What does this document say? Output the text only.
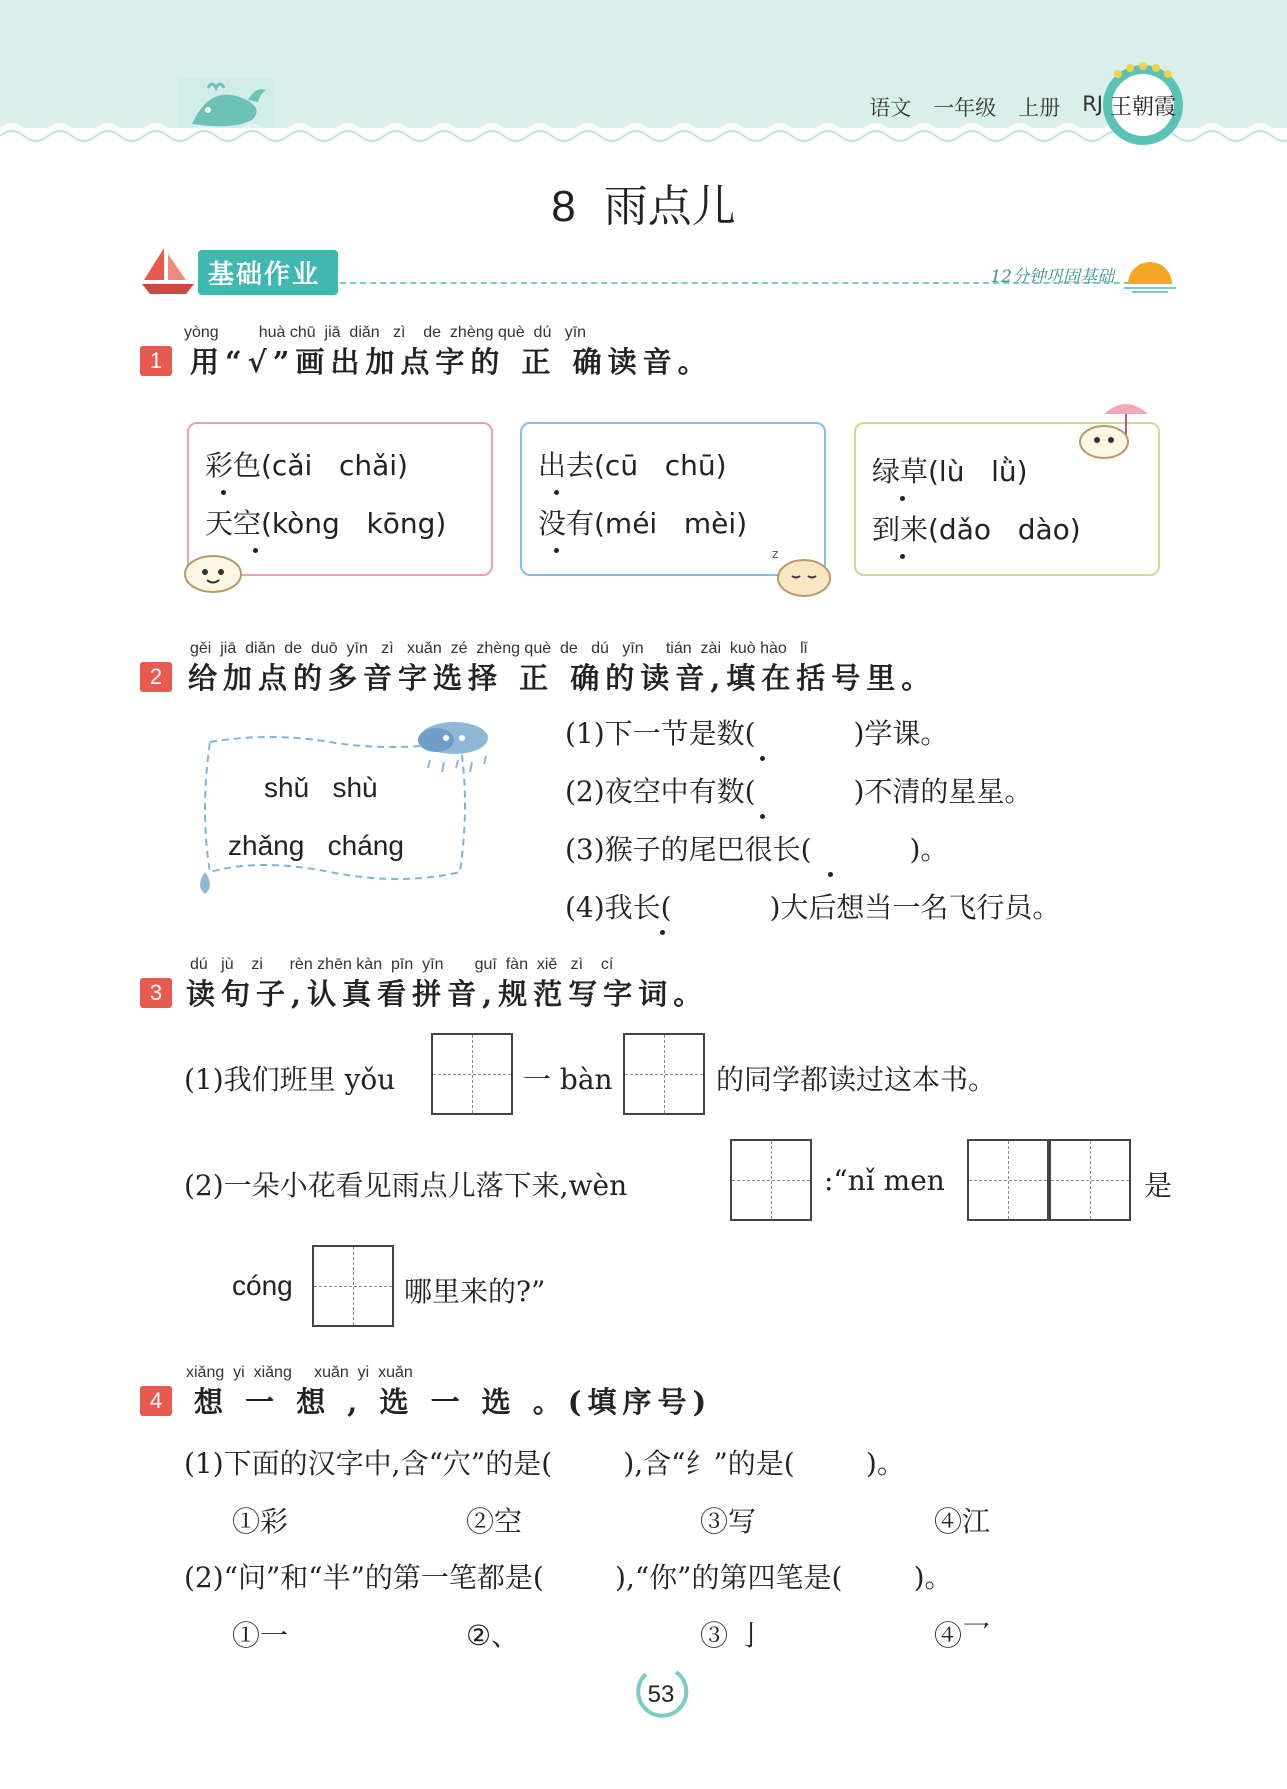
语文 一年级 上册 RJ 王朝霞
8 雨点儿
基础作业	12分钟巩固基础
yòng         huà chū  jiā  diǎn   zì    de  zhèng què  dú   yīn
1 用“√”画出加点字的 正 确读音。
彩色(cǎi   chǎi)
天空(kòng   kōng)
出去(cū   chū)
没有(méi   mèi)
绿草(lù   lǜ)
到来(dǎo   dào)
z
gěi  jiā  diǎn  de  duō  yīn   zì   xuǎn  zé  zhèng què  de   dú   yīn     tián  zài  kuò hào   lǐ
2 给加点的多音字选择 正 确的读音,填在括号里。
shǔ   shù
zhǎng   cháng
(1)下一节是数(           )学课。
(2)夜空中有数(           )不清的星星。
(3)猴子的尾巴很长(           )。
(4)我长(           )大后想当一名飞行员。
dú   jù    zi      rèn zhēn kàn  pīn  yīn       guī  fàn  xiě   zì    cí
3 读句子,认真看拼音,规范写字词。
(1)我们班里 yǒu	一 bàn	的同学都读过这本书。
(2)一朵小花看见雨点儿落下来,wèn	:“nǐ men	是
cóng	哪里来的?”
xiǎng  yi  xiǎng     xuǎn  yi  xuǎn
4	想 一 想 , 选 一 选 。(填序号)
(1)下面的汉字中,含“穴”的是(        ),含“纟”的是(        )。
①彩	②空	③写	④江
(2)“问”和“半”的第一笔都是(        ),“你”的第四笔是(        )。
①一	②、	③ 亅	④乛
53
